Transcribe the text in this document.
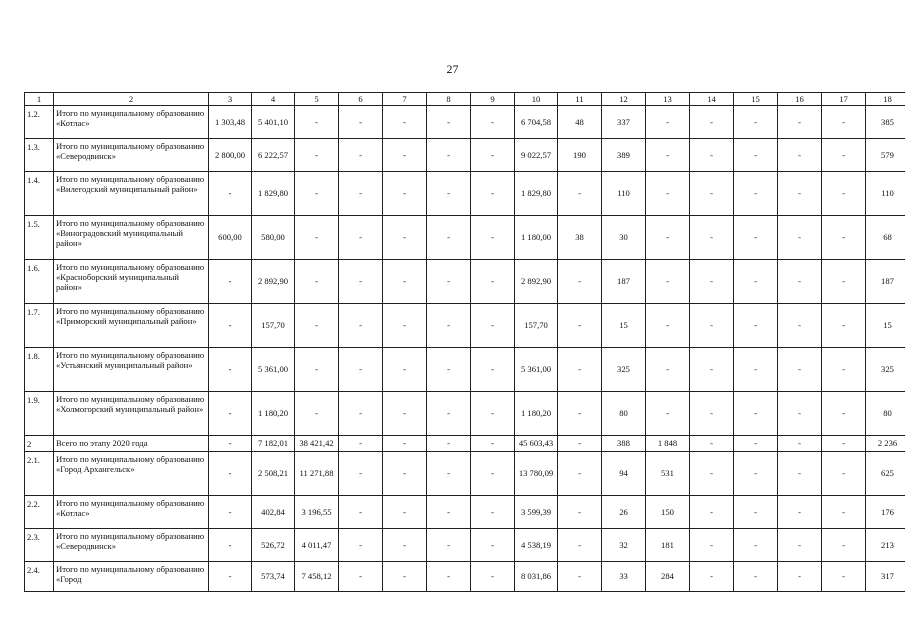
27
1	2	3	4	5	6	7	8	9	10	11	12	13	14	15	16	17	18
1.2.	Итого по муниципальному образованию «Котлас»	1 303,48	5 401,10	-	-	-	-	-	6 704,58	48	337	-	-	-	-	-	385
1.3.	Итого по муниципальному образованию «Северодвинск»	2 800,00	6 222,57	-	-	-	-	-	9 022,57	190	389	-	-	-	-	-	579
1.4.	Итого по муниципальному образованию «Вилегодский муниципальный район»	-	1 829,80	-	-	-	-	-	1 829,80	-	110	-	-	-	-	-	110
1.5.	Итого по муниципальному образованию «Виноградовский муниципальный район»	600,00	580,00	-	-	-	-	-	1 180,00	38	30	-	-	-	-	-	68
1.6.	Итого по муниципальному образованию «Красноборский муниципальный район»	-	2 892,90	-	-	-	-	-	2 892,90	-	187	-	-	-	-	-	187
1.7.	Итого по муниципальному образованию «Приморский муниципальный район»	-	157,70	-	-	-	-	-	157,70	-	15	-	-	-	-	-	15
1.8.	Итого по муниципальному образованию «Устьянский муниципальный район»	-	5 361,00	-	-	-	-	-	5 361,00	-	325	-	-	-	-	-	325
1.9.	Итого по муниципальному образованию «Холмогорский муниципальный район»	-	1 180,20	-	-	-	-	-	1 180,20	-	80	-	-	-	-	-	80
2	Всего по этапу 2020 года	-	7 182,01	38 421,42	-	-	-	-	45 603,43	-	388	1 848	-	-	-	-	2 236
2.1.	Итого по муниципальному образованию «Город Архангельск»	-	2 508,21	11 271,88	-	-	-	-	13 780,09	-	94	531	-	-	-	-	625
2.2.	Итого по муниципальному образованию «Котлас»	-	402,84	3 196,55	-	-	-	-	3 599,39	-	26	150	-	-	-	-	176
2.3.	Итого по муниципальному образованию «Северодвинск»	-	526,72	4 011,47	-	-	-	-	4 538,19	-	32	181	-	-	-	-	213
2.4.	Итого по муниципальному образованию «Город	-	573,74	7 458,12	-	-	-	-	8 031,86	-	33	284	-	-	-	-	317
